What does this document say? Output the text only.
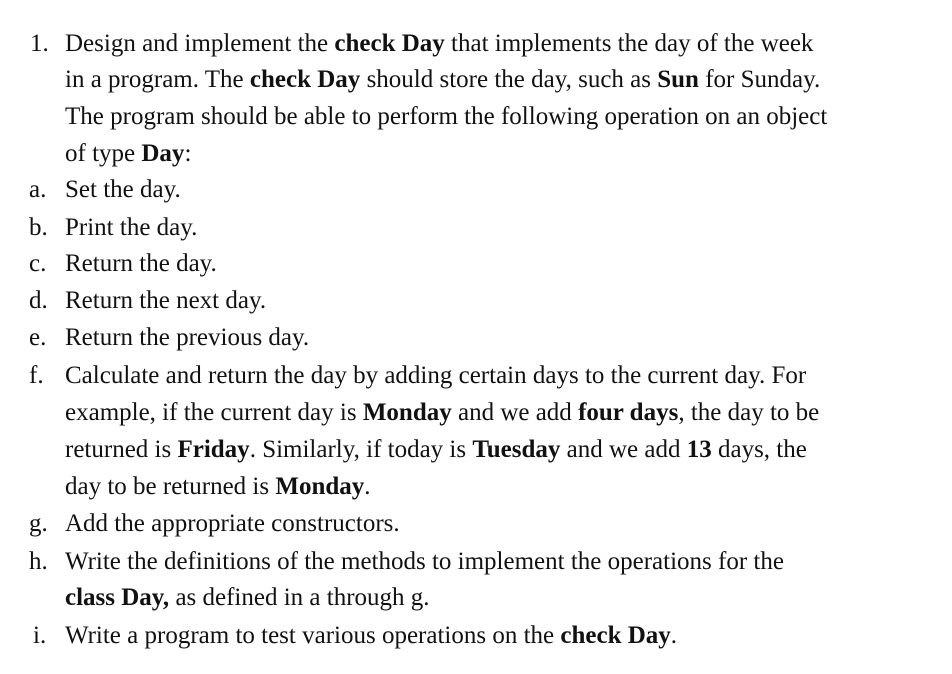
1. Design and implement the check Day that implements the day of the week
in a program. The check Day should store the day, such as Sun for Sunday.
The program should be able to perform the following operation on an object
of type Day:
a. Set the day.
b. Print the day.
c. Return the day.
d. Return the next day.
e. Return the previous day.
f. Calculate and return the day by adding certain days to the current day. For
example, if the current day is Monday and we add four days, the day to be
returned is Friday. Similarly, if today is Tuesday and we add 13 days, the
day to be returned is Monday.
g. Add the appropriate constructors.
h. Write the definitions of the methods to implement the operations for the
class Day, as defined in a through g.
i. Write a program to test various operations on the check Day.
